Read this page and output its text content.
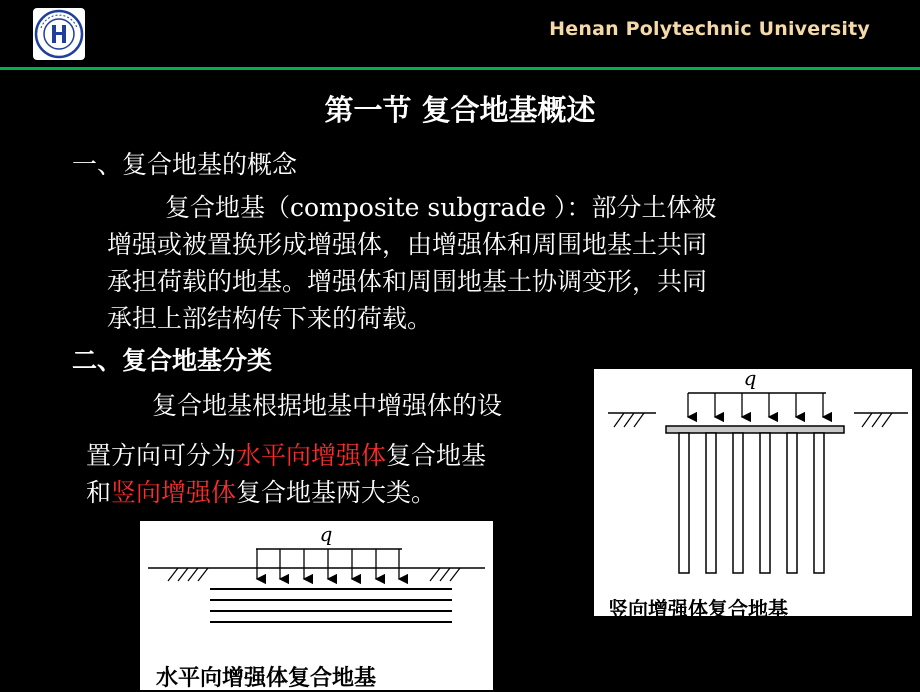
Henan Polytechnic University
第一节 复合地基概述
一、复合地基的概念
复合地基（composite subgrade ）：部分土体被
增强或被置换形成增强体，由增强体和周围地基土共同
承担荷载的地基。增强体和周围地基土协调变形，共同
承担上部结构传下来的荷载。
二、复合地基分类
复合地基根据地基中增强体的设
置方向可分为水平向增强体复合地基
和竖向增强体复合地基两大类。
q
竖向增强体复合地基
q
水平向增强体复合地基
